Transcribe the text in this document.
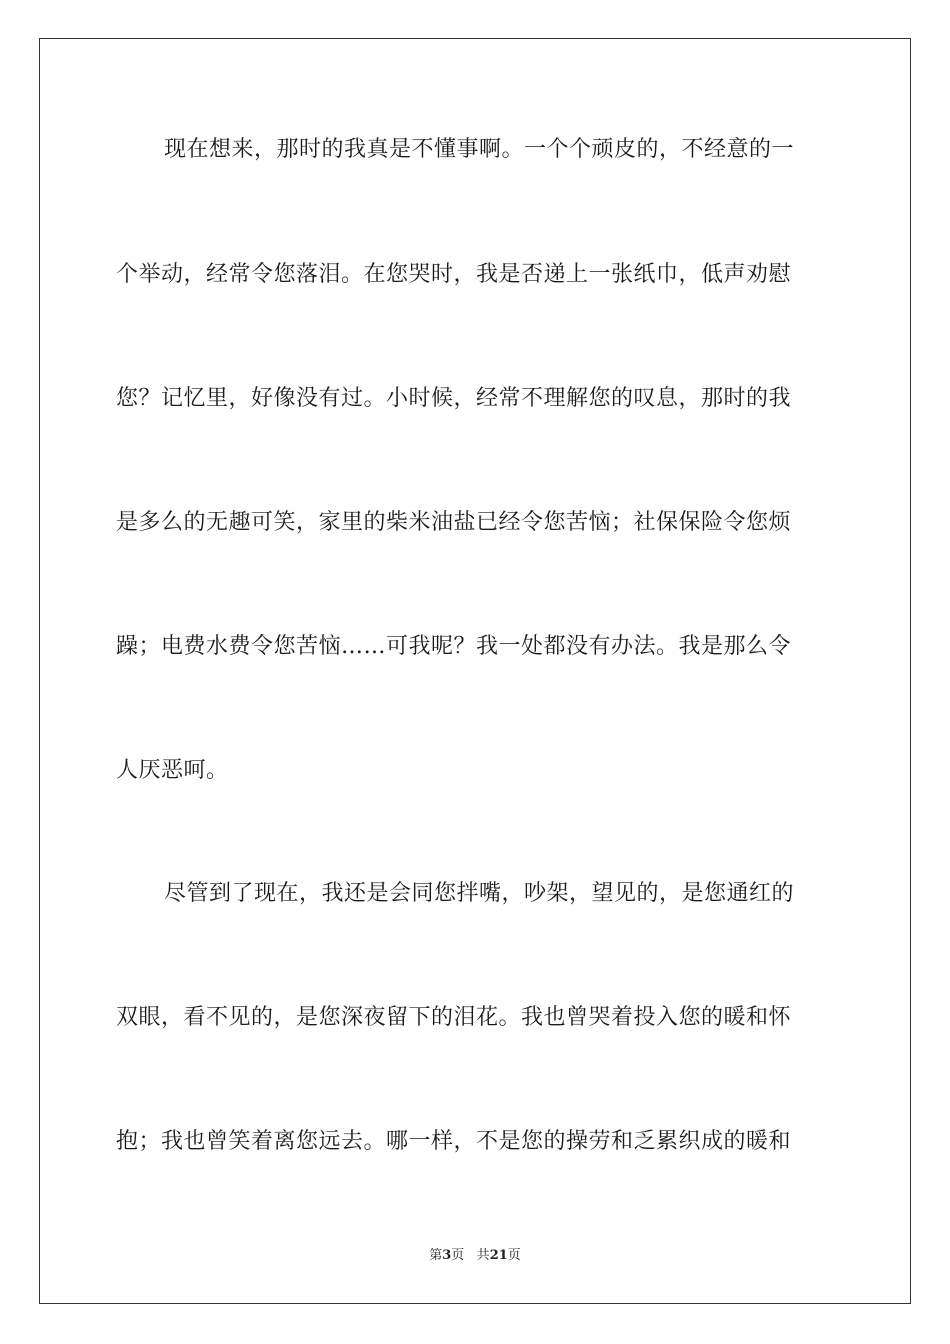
现在想来，那时的我真是不懂事啊。一个个顽皮的，不经意的一
个举动，经常令您落泪。在您哭时，我是否递上一张纸巾，低声劝慰
您？记忆里，好像没有过。小时候，经常不理解您的叹息，那时的我
是多么的无趣可笑，家里的柴米油盐已经令您苦恼；社保保险令您烦
躁；电费水费令您苦恼……可我呢？我一处都没有办法。我是那么令
人厌恶呵。
尽管到了现在，我还是会同您拌嘴，吵架，望见的，是您通红的
双眼，看不见的，是您深夜留下的泪花。我也曾哭着投入您的暖和怀
抱；我也曾笑着离您远去。哪一样，不是您的操劳和乏累织成的暖和
第3页 共21页
